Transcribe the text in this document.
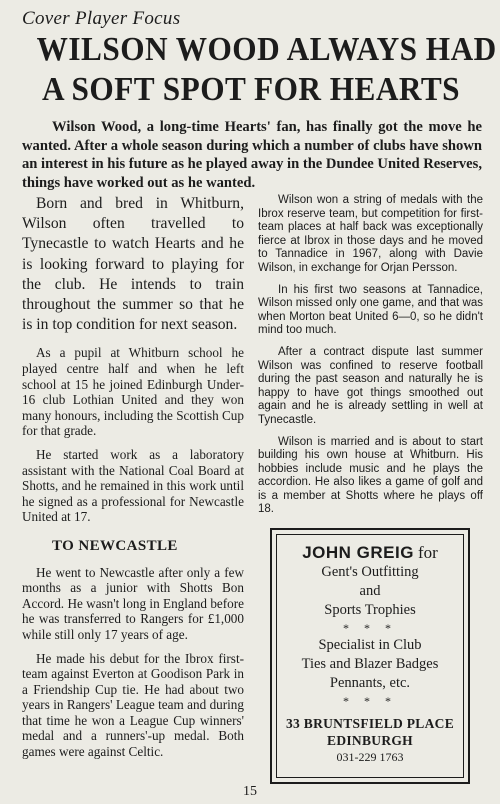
Cover Player Focus
WILSON WOOD ALWAYS HAD
A SOFT SPOT FOR HEARTS
Wilson Wood, a long-time Hearts' fan, has finally got the move he wanted. After a whole season during which a number of clubs have shown an interest in his future as he played away in the Dundee United Reserves, things have worked out as he wanted.

Born and bred in Whitburn, Wilson often travelled to Tynecastle to watch Hearts and he is looking forward to playing for the club. He intends to train throughout the summer so that he is in top condition for next season.

As a pupil at Whitburn school he played centre half and when he left school at 15 he joined Edinburgh Under-16 club Lothian United and they won many honours, including the Scottish Cup for that grade.

He started work as a laboratory assistant with the National Coal Board at Shotts, and he remained in this work until he signed as a professional for Newcastle United at 17.

TO NEWCASTLE

He went to Newcastle after only a few months as a junior with Shotts Bon Accord. He wasn't long in England before he was transferred to Rangers for £1,000 while still only 17 years of age.

He made his debut for the Ibrox first-team against Everton at Goodison Park in a Friendship Cup tie. He had about two years in Rangers' League team and during that time he won a League Cup winners' medal and a runners'-up medal. Both games were against Celtic.

Wilson won a string of medals with the Ibrox reserve team, but competition for first-team places at half back was exceptionally fierce at Ibrox in those days and he moved to Tannadice in 1967, along with Davie Wilson, in exchange for Orjan Persson.

In his first two seasons at Tannadice, Wilson missed only one game, and that was when Morton beat United 6—0, so he didn't mind too much.

After a contract dispute last summer Wilson was confined to reserve football during the past season and naturally he is happy to have got things smoothed out again and he is already settling in well at Tynecastle.

Wilson is married and is about to start building his own house at Whitburn. His hobbies include music and he plays the accordion. He also likes a game of golf and is a member at Shotts where he plays off 18.

JOHN GREIG for
Gent's Outfitting
and
Sports Trophies
* * *
Specialist in Club
Ties and Blazer Badges
Pennants, etc.
* * *
33 BRUNTSFIELD PLACE
EDINBURGH
031-229 1763
15
